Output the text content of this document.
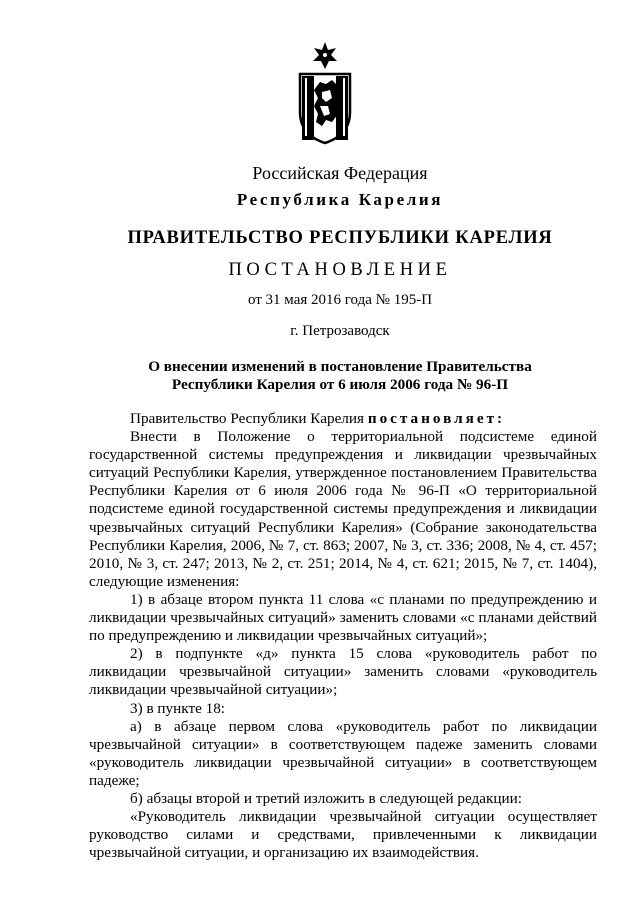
Российская Федерация
Республика Карелия
ПРАВИТЕЛЬСТВО РЕСПУБЛИКИ КАРЕЛИЯ
ПОСТАНОВЛЕНИЕ
от 31 мая 2016 года № 195-П
г. Петрозаводск
О внесении изменений в постановление Правительства
Республики Карелия от 6 июля 2006 года № 96-П

Правительство Республики Карелия постановляет:

Внести в Положение о территориальной подсистеме единой государственной системы предупреждения и ликвидации чрезвычайных ситуаций Республики Карелия, утвержденное постановлением Правительства Республики Карелия от 6 июля 2006 года № 96-П «О территориальной подсистеме единой государственной системы предупреждения и ликвидации чрезвычайных ситуаций Республики Карелия» (Собрание законодательства Республики Карелия, 2006, № 7, ст. 863; 2007, № 3, ст. 336; 2008, № 4, ст. 457; 2010, № 3, ст. 247; 2013, № 2, ст. 251; 2014, № 4, ст. 621; 2015, № 7, ст. 1404), следующие изменения:

1) в абзаце втором пункта 11 слова «с планами по предупреждению и ликвидации чрезвычайных ситуаций» заменить словами «с планами действий по предупреждению и ликвидации чрезвычайных ситуаций»;

2) в подпункте «д» пункта 15 слова «руководитель работ по ликвидации чрезвычайной ситуации» заменить словами «руководитель ликвидации чрезвычайной ситуации»;

3) в пункте 18:

а) в абзаце первом слова «руководитель работ по ликвидации чрезвычайной ситуации» в соответствующем падеже заменить словами «руководитель ликвидации чрезвычайной ситуации» в соответствующем падеже;

б) абзацы второй и третий изложить в следующей редакции:

«Руководитель ликвидации чрезвычайной ситуации осуществляет руководство силами и средствами, привлеченными к ликвидации чрезвычайной ситуации, и организацию их взаимодействия.
